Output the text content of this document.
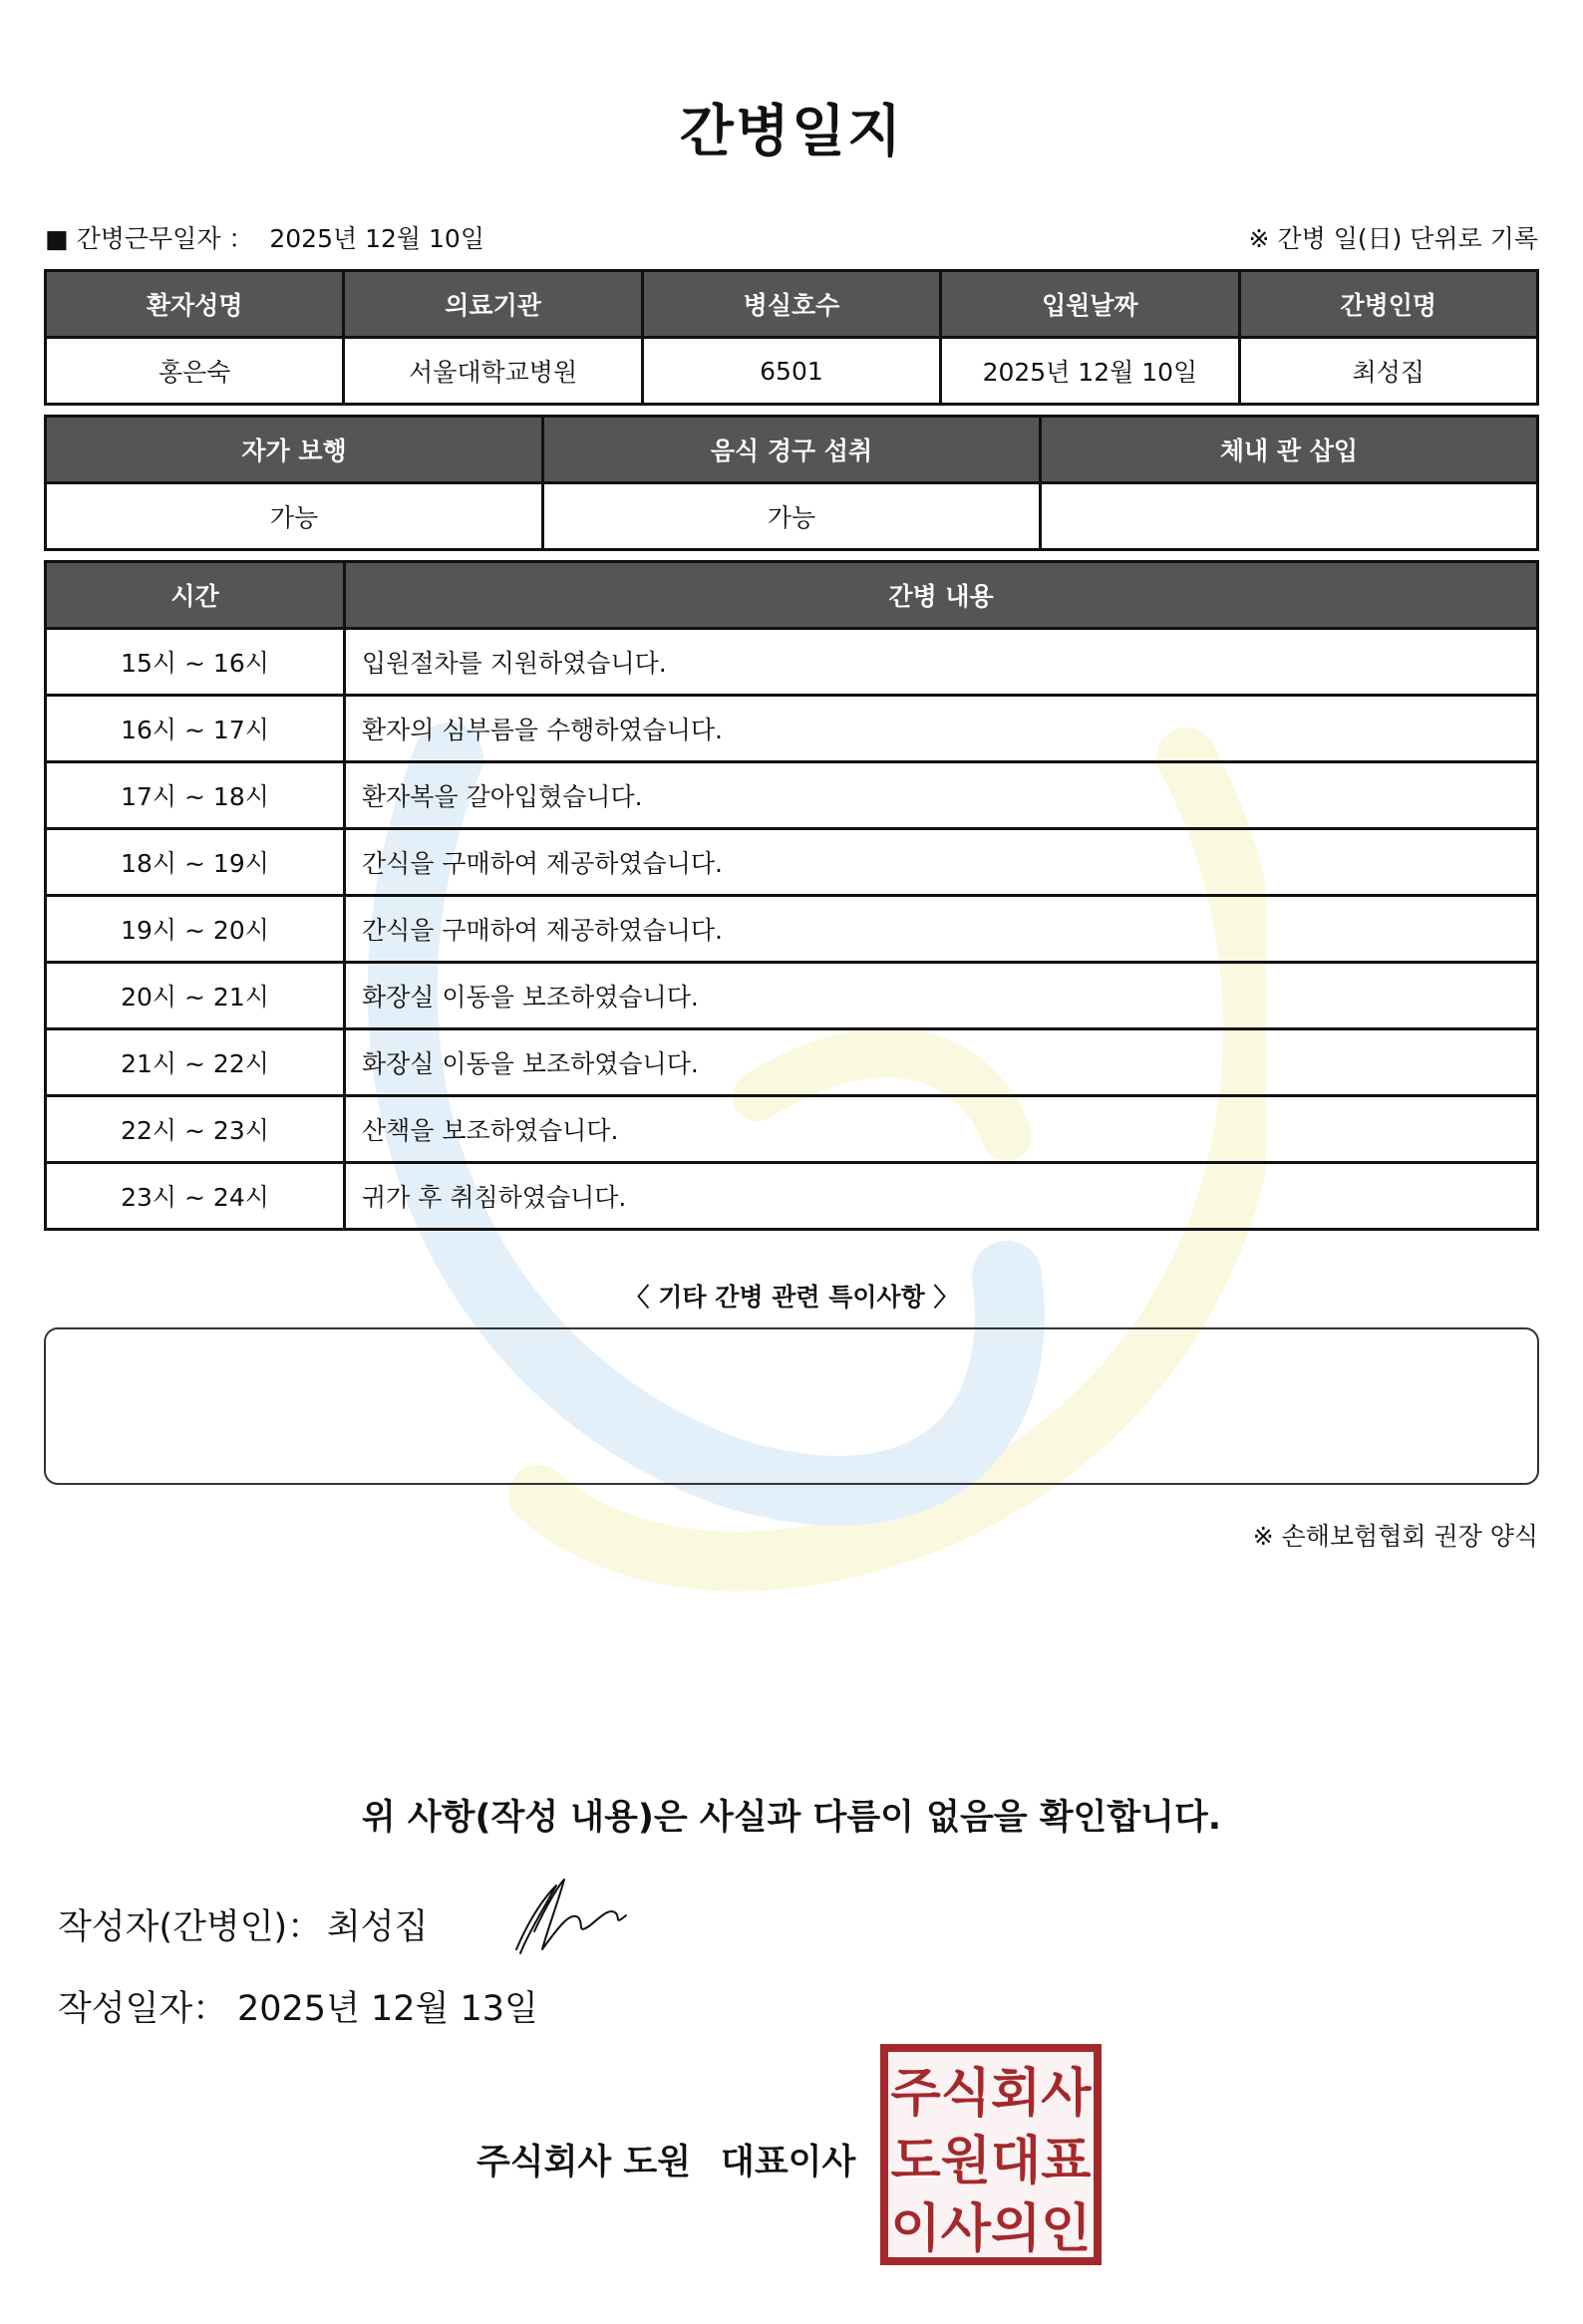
간병일지
■ 간병근무일자 ： 2025년 12월 10일	※ 간병 일(日) 단위로 기록
환자성명	의료기관	병실호수	입원날짜	간병인명
홍은숙	서울대학교병원	6501	2025년 12월 10일	최성집
자가 보행	음식 경구 섭취	체내 관 삽입
가능	가능	
시간	간병 내용
15시 ~ 16시	입원절차를 지원하였습니다.
16시 ~ 17시	환자의 심부름을 수행하였습니다.
17시 ~ 18시	환자복을 갈아입혔습니다.
18시 ~ 19시	간식을 구매하여 제공하였습니다.
19시 ~ 20시	간식을 구매하여 제공하였습니다.
20시 ~ 21시	화장실 이동을 보조하였습니다.
21시 ~ 22시	화장실 이동을 보조하였습니다.
22시 ~ 23시	산책을 보조하였습니다.
23시 ~ 24시	귀가 후 취침하였습니다.
〈 기타 간병 관련 특이사항 〉
※ 손해보험협회 권장 양식
위 사항(작성 내용)은 사실과 다름이 없음을 확인합니다.
작성자(간병인)： 최성집
작성일자： 2025년 12월 13일
주식회사 도원 대표이사
주식회사
도원대표
이사의인
